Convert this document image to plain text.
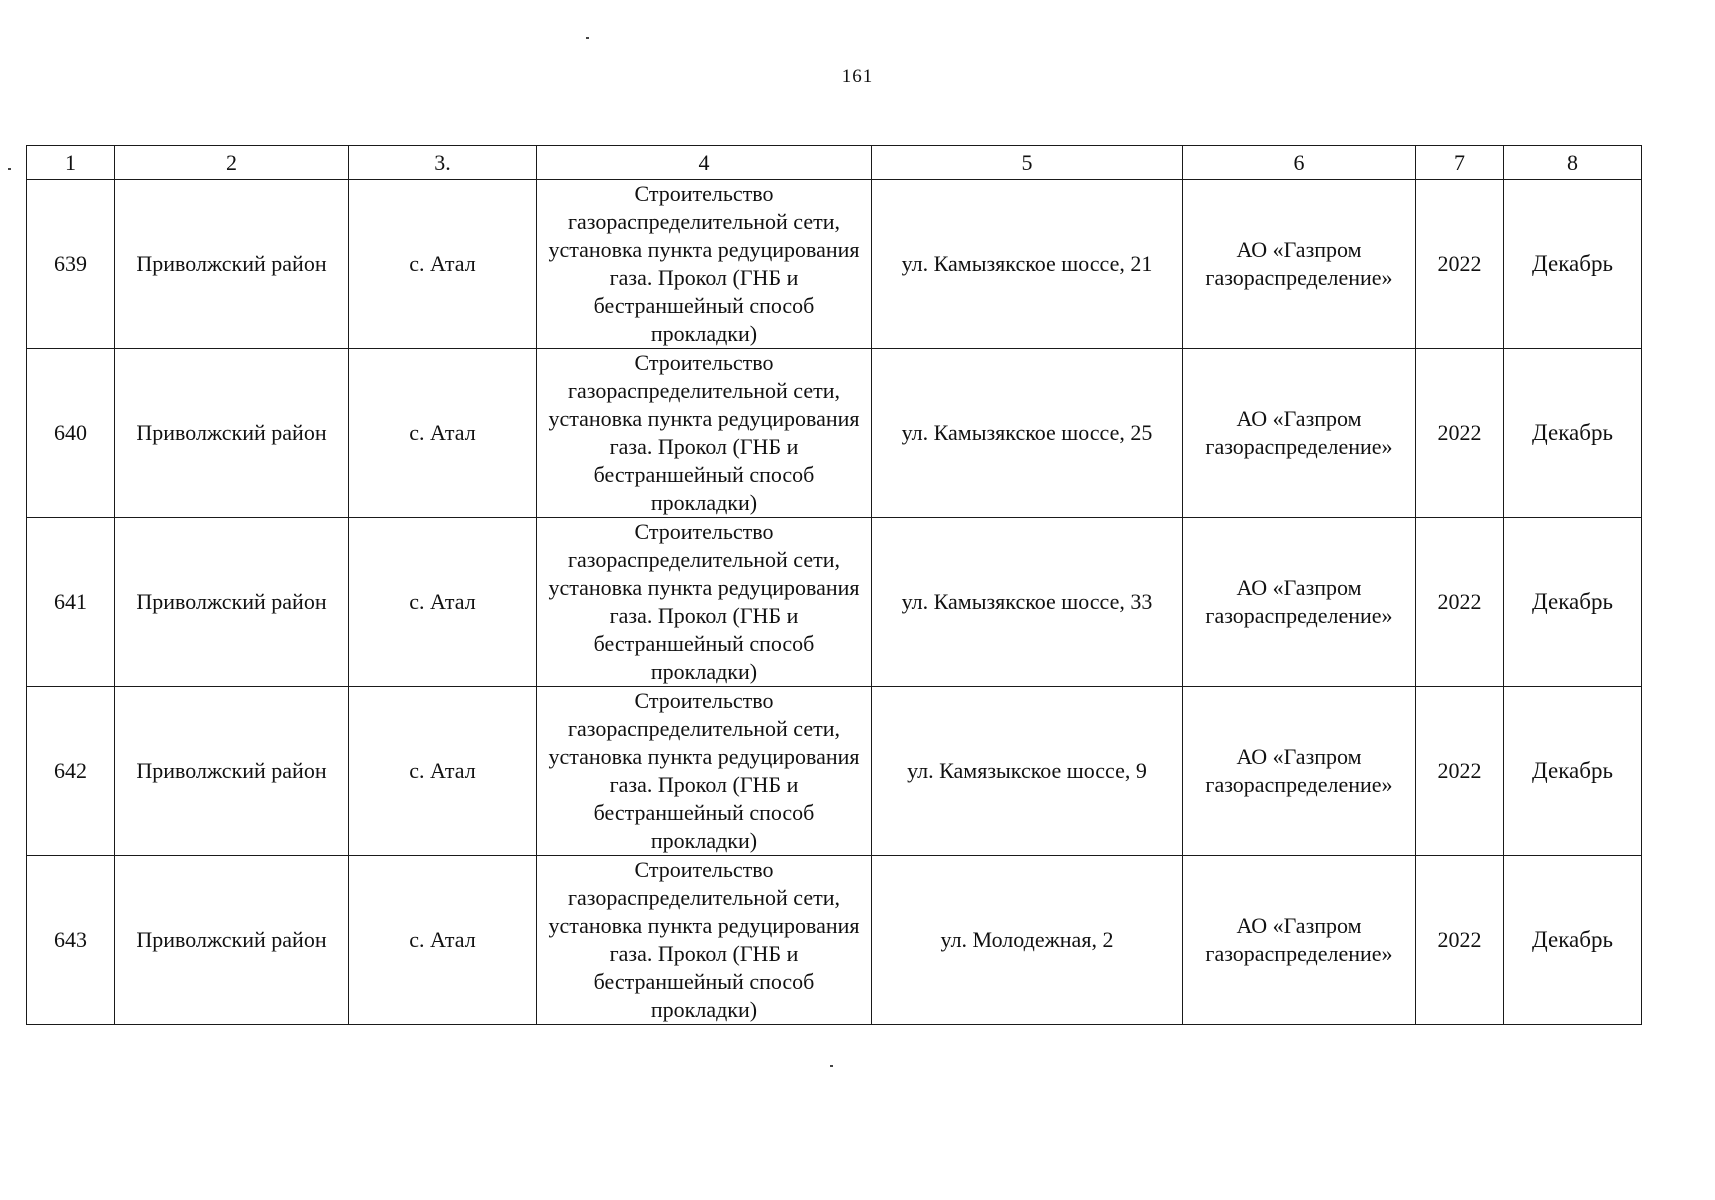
161
1	2	3.	4	5	6	7	8
639	Приволжский район	с. Атал	Строительство газораспределительной сети, установка пункта редуцирования газа. Прокол (ГНБ и бестраншейный способ прокладки)	ул. Камызякское шоссе, 21	АО «Газпром газораспределение»	2022	Декабрь
640	Приволжский район	с. Атал	Строительство газораспределительной сети, установка пункта редуцирования газа. Прокол (ГНБ и бестраншейный способ прокладки)	ул. Камызякское шоссе, 25	АО «Газпром газораспределение»	2022	Декабрь
641	Приволжский район	с. Атал	Строительство газораспределительной сети, установка пункта редуцирования газа. Прокол (ГНБ и бестраншейный способ прокладки)	ул. Камызякское шоссе, 33	АО «Газпром газораспределение»	2022	Декабрь
642	Приволжский район	с. Атал	Строительство газораспределительной сети, установка пункта редуцирования газа. Прокол (ГНБ и бестраншейный способ прокладки)	ул. Камязыкское шоссе, 9	АО «Газпром газораспределение»	2022	Декабрь
643	Приволжский район	с. Атал	Строительство газораспределительной сети, установка пункта редуцирования газа. Прокол (ГНБ и бестраншейный способ прокладки)	ул. Молодежная, 2	АО «Газпром газораспределение»	2022	Декабрь
